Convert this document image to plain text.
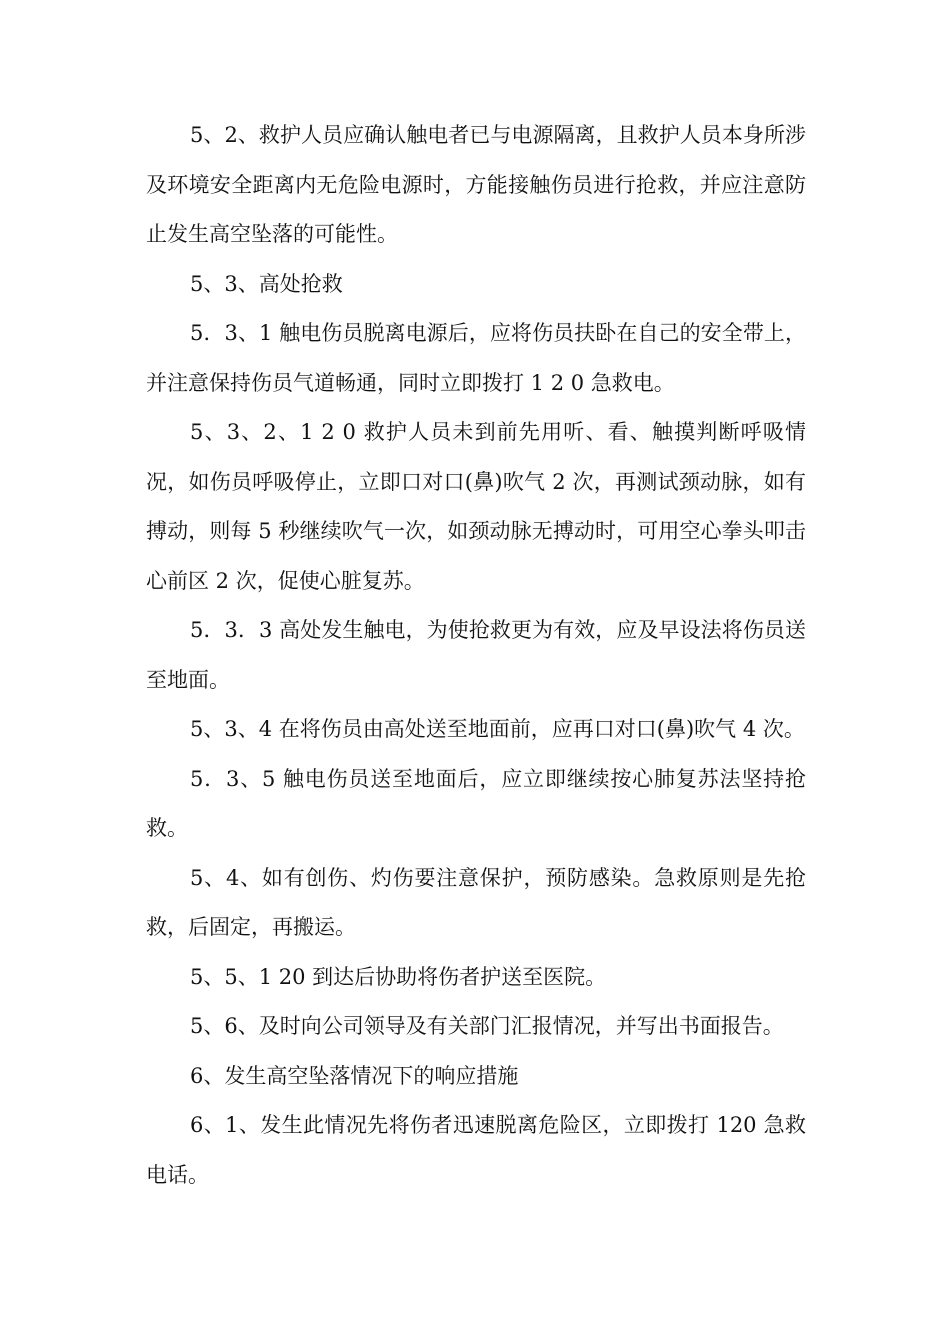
5、2、救护人员应确认触电者已与电源隔离，且救护人员本身所涉及环境安全距离内无危险电源时，方能接触伤员进行抢救，并应注意防止发生高空坠落的可能性。

5、3、高处抢救

5．3、1 触电伤员脱离电源后，应将伤员扶卧在自己的安全带上，并注意保持伤员气道畅通，同时立即拨打 1 2 0 急救电。

5、3、2、1 2 0 救护人员未到前先用听、看、触摸判断呼吸情况，如伤员呼吸停止，立即口对口(鼻)吹气 2 次，再测试颈动脉，如有搏动，则每 5 秒继续吹气一次，如颈动脉无搏动时，可用空心拳头叩击心前区 2 次，促使心脏复苏。

5．3．3 高处发生触电，为使抢救更为有效，应及早设法将伤员送至地面。

5、3、4 在将伤员由高处送至地面前，应再口对口(鼻)吹气 4 次。

5．3、5 触电伤员送至地面后，应立即继续按心肺复苏法坚持抢救。

5、4、如有创伤、灼伤要注意保护，预防感染。急救原则是先抢救，后固定，再搬运。

5、5、1 20 到达后协助将伤者护送至医院。

5、6、及时向公司领导及有关部门汇报情况，并写出书面报告。

6、发生高空坠落情况下的响应措施

6、1、发生此情况先将伤者迅速脱离危险区，立即拨打 120 急救电话。
